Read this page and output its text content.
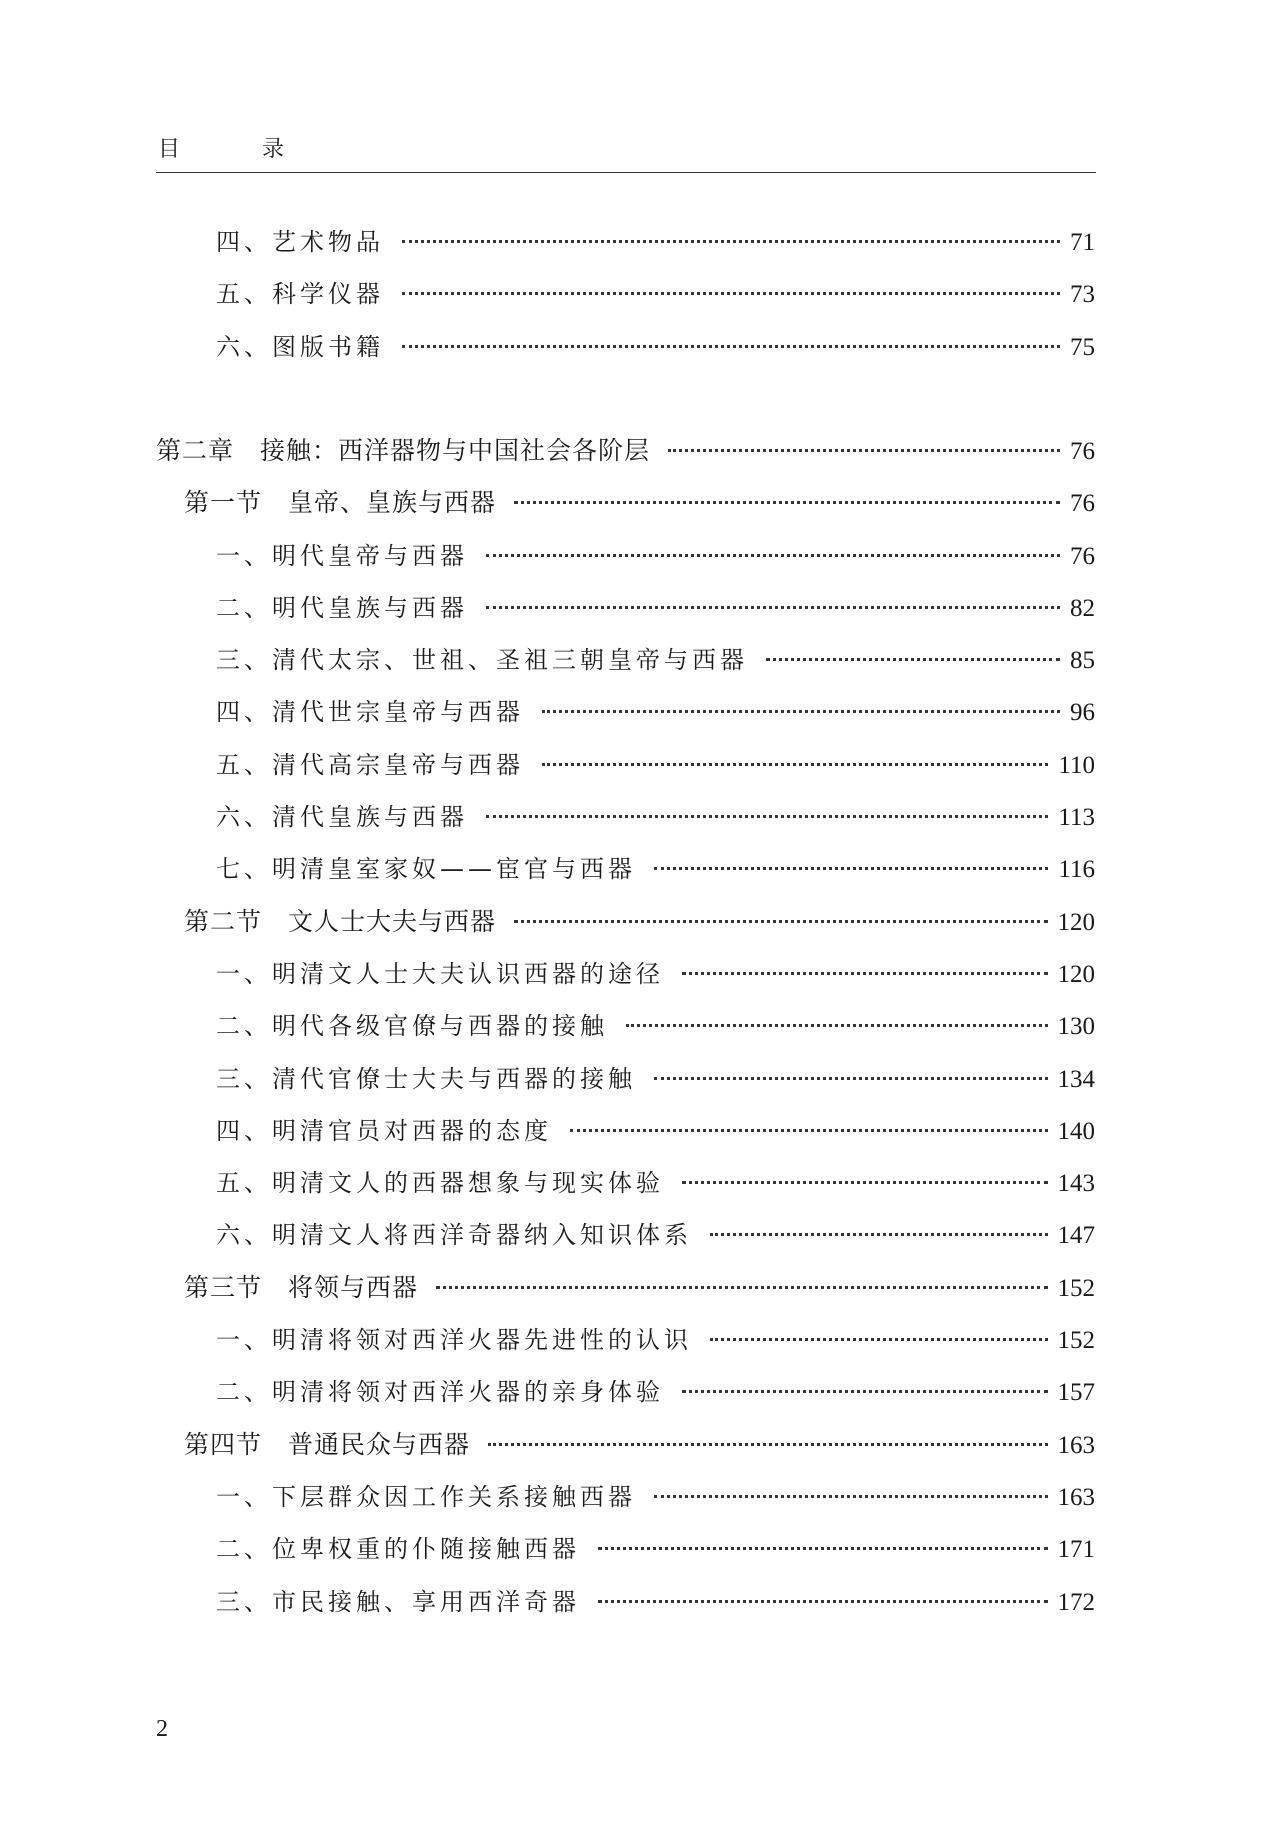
目　录
四、艺术物品	71
五、科学仪器	73
六、图版书籍	75
第二章　接触：西洋器物与中国社会各阶层	76
第一节　皇帝、皇族与西器	76
一、明代皇帝与西器	76
二、明代皇族与西器	82
三、清代太宗、世祖、圣祖三朝皇帝与西器	85
四、清代世宗皇帝与西器	96
五、清代高宗皇帝与西器	110
六、清代皇族与西器	113
七、明清皇室家奴——宦官与西器	116
第二节　文人士大夫与西器	120
一、明清文人士大夫认识西器的途径	120
二、明代各级官僚与西器的接触	130
三、清代官僚士大夫与西器的接触	134
四、明清官员对西器的态度	140
五、明清文人的西器想象与现实体验	143
六、明清文人将西洋奇器纳入知识体系	147
第三节　将领与西器	152
一、明清将领对西洋火器先进性的认识	152
二、明清将领对西洋火器的亲身体验	157
第四节　普通民众与西器	163
一、下层群众因工作关系接触西器	163
二、位卑权重的仆随接触西器	171
三、市民接触、享用西洋奇器	172
2
